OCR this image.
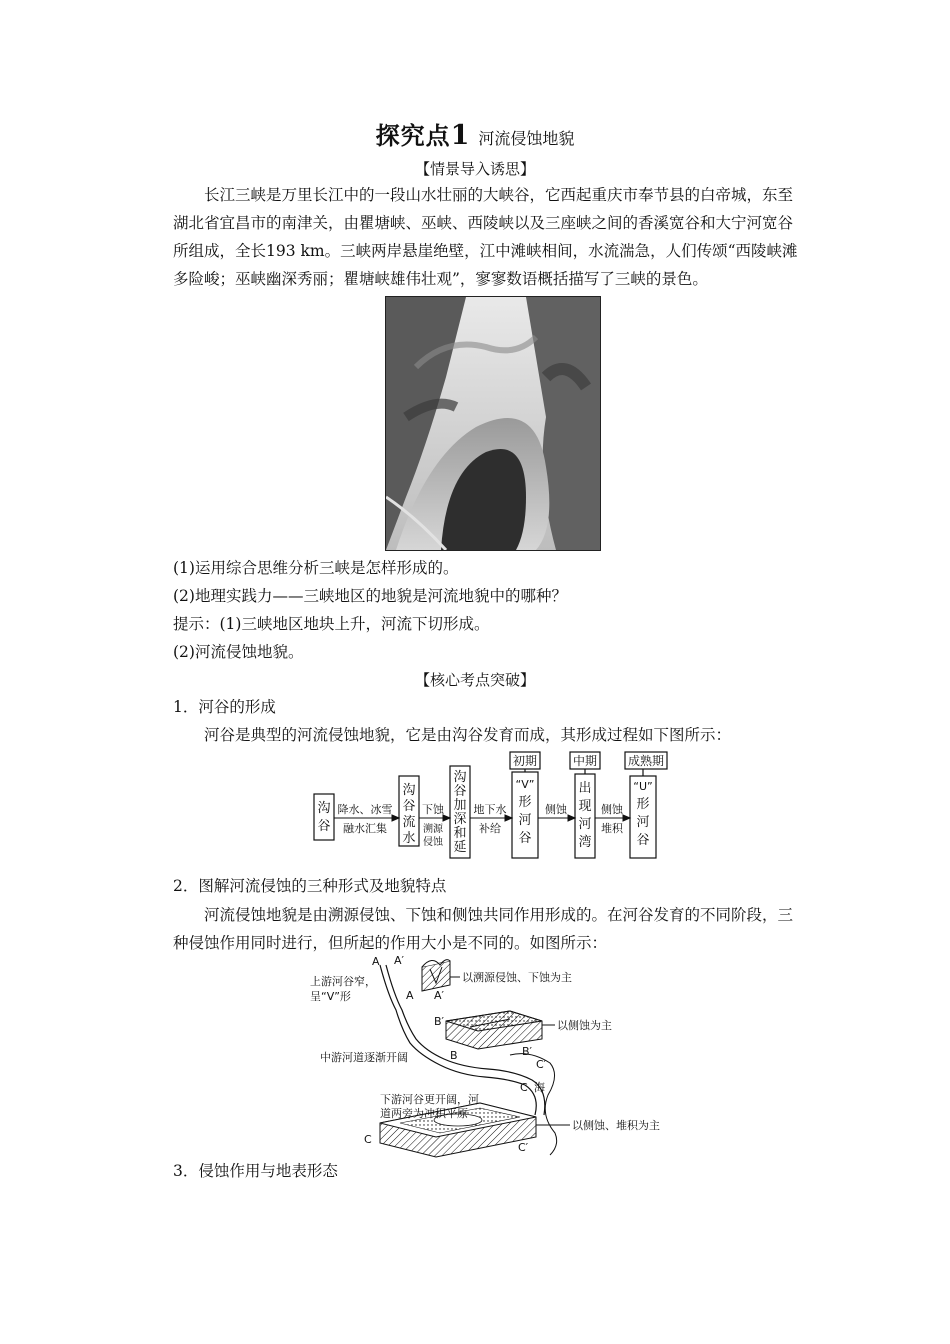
探究点1 河流侵蚀地貌
【情景导入诱思】
长江三峡是万里长江中的一段山水壮丽的大峡谷，它西起重庆市奉节县的白帝城，东至
湖北省宜昌市的南津关，由瞿塘峡、巫峡、西陵峡以及三座峡之间的香溪宽谷和大宁河宽谷
所组成，全长193 km。三峡两岸悬崖绝壁，江中滩峡相间，水流湍急，人们传颂“西陵峡滩
多险峻；巫峡幽深秀丽；瞿塘峡雄伟壮观”，寥寥数语概括描写了三峡的景色。
(1)运用综合思维分析三峡是怎样形成的。
(2)地理实践力——三峡地区的地貌是河流地貌中的哪种？
提示：(1)三峡地区地块上升，河流下切形成。
(2)河流侵蚀地貌。
【核心考点突破】
1．河谷的形成
河谷是典型的河流侵蚀地貌，它是由沟谷发育而成，其形成过程如下图所示：
沟
谷
沟
谷
流
水
沟
谷
加
深
和
延
“V”
形
河
谷
出
现
河
湾
“U”
形
河
谷
初期	中期	成熟期
降水、冰雪
融水汇集
下蚀
溯源
侵蚀
地下水
补给
侧蚀	侧蚀
堆积
2．图解河流侵蚀的三种形式及地貌特点
河流侵蚀地貌是由溯源侵蚀、下蚀和侧蚀共同作用形成的。在河谷发育的不同阶段，三
种侵蚀作用同时进行，但所起的作用大小是不同的。如图所示：
A A′
A A′
B′
B	B′
C′
C
C
C′
上游河谷窄，
呈“V”形
以溯源侵蚀、下蚀为主
中游河道逐渐开阔
以侧蚀为主
海
下游河谷更开阔，河
道两旁为冲积平原
以侧蚀、堆积为主
3．侵蚀作用与地表形态
